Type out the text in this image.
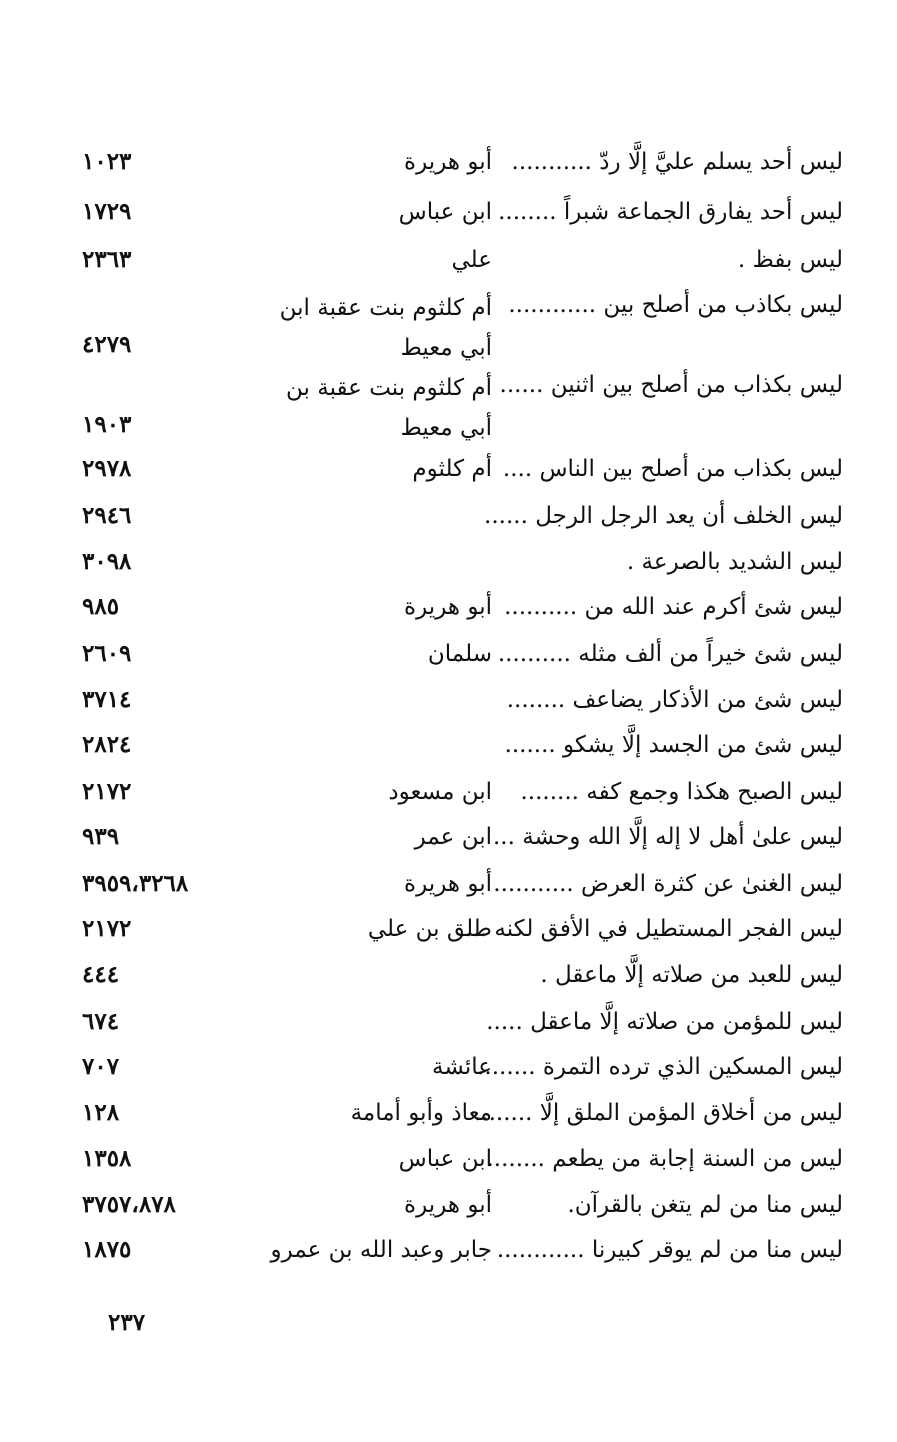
ليس أحد يسلم عليَّ إلَّا ردّ ...........
أبو هريرة
١٠٢٣
ليس أحد يفارق الجماعة شبراً ........
ابن عباس
١٧٢٩
ليس بفظ .
علي
٢٣٦٣
ليس بكاذب من أصلح بين ............
أم كلثوم بنت عقبة ابن أبي معيط
٤٢٧٩
ليس بكذاب من أصلح بين اثنين ......
أم كلثوم بنت عقبة بن أبي معيط
١٩٠٣
ليس بكذاب من أصلح بين الناس ....
أم كلثوم
٢٩٧٨
ليس الخلف أن يعد الرجل الرجل ......
٢٩٤٦
ليس الشديد بالصرعة .
٣٠٩٨
ليس شئ أكرم عند الله من ..........
أبو هريرة
٩٨٥
ليس شئ خيراً من ألف مثله ..........
سلمان
٢٦٠٩
ليس شئ من الأذكار يضاعف ........
٣٧١٤
ليس شئ من الجسد إلَّا يشكو .......
٢٨٢٤
ليس الصبح هكذا وجمع كفه ........
ابن مسعود
٢١٧٢
ليس علىٰ أهل لا إله إلَّا الله وحشة ...
ابن عمر
٩٣٩
ليس الغنىٰ عن كثرة العرض ...........
أبو هريرة
٣٩٥٩،٣٢٦٨
ليس الفجر المستطيل في الأفق لكنه ...
طلق بن علي
٢١٧٢
ليس للعبد من صلاته إلَّا ماعقل .
٤٤٤
ليس للمؤمن من صلاته إلَّا ماعقل .....
٦٧٤
ليس المسكين الذي ترده التمرة ........
عائشة
٧٠٧
ليس من أخلاق المؤمن الملق إلَّا ........
معاذ وأبو أمامة
١٢٨
ليس من السنة إجابة من يطعم ........
ابن عباس
١٣٥٨
ليس منا من لم يتغن بالقرآن.
أبو هريرة
٣٧٥٧،٨٧٨
ليس منا من لم يوقر كبيرنا ............
جابر وعبد الله بن عمرو
١٨٧٥
٢٣٧
